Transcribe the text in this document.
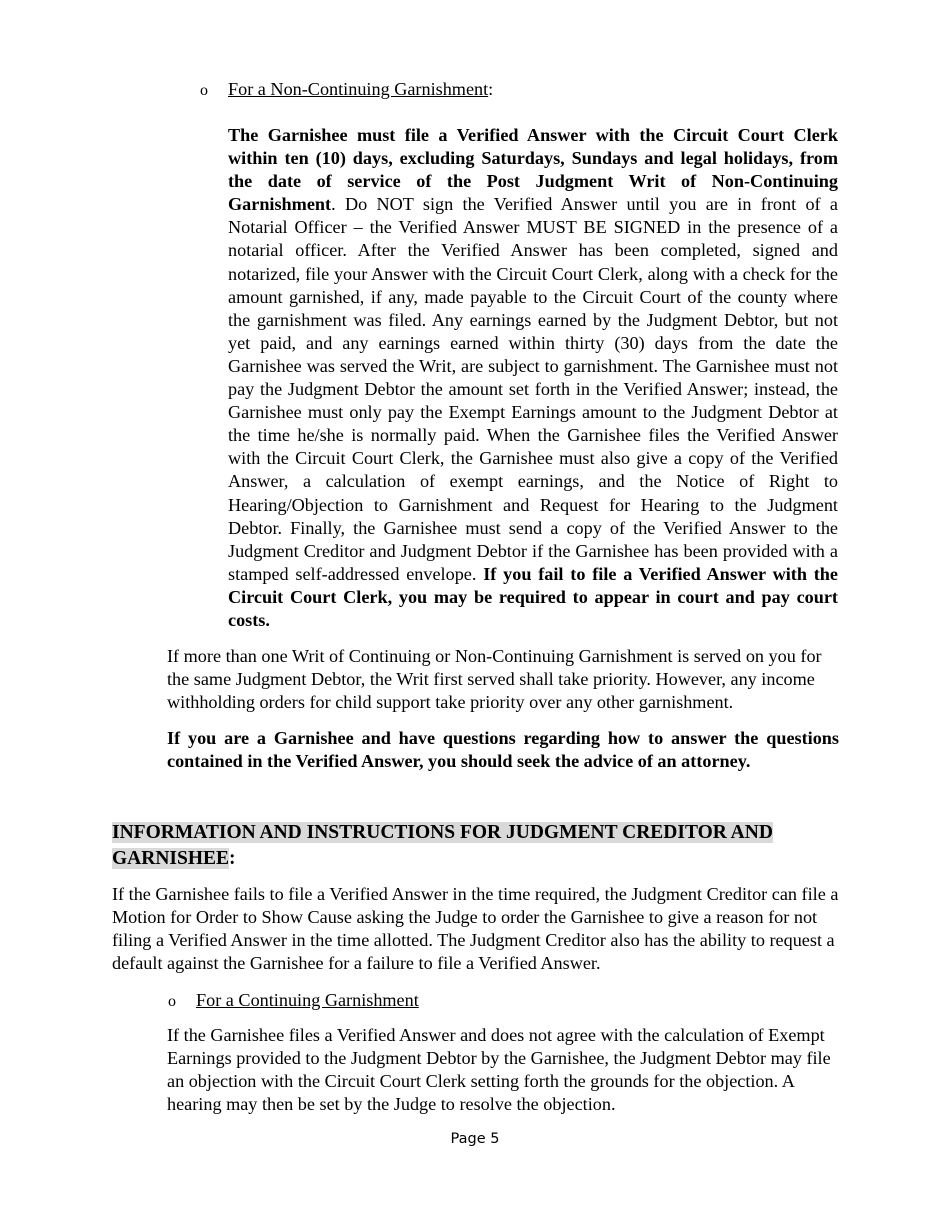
o	For a Non-Continuing Garnishment :

The Garnishee must file a Verified Answer with the Circuit Court Clerk within ten (10) days, excluding Saturdays, Sundays and legal holidays, from the date of service of the Post Judgment Writ of Non-Continuing Garnishment. Do NOT sign the Verified Answer until you are in front of a Notarial Officer – the Verified Answer MUST BE SIGNED in the presence of a notarial officer. After the Verified Answer has been completed, signed and notarized, file your Answer with the Circuit Court Clerk, along with a check for the amount garnished, if any, made payable to the Circuit Court of the county where the garnishment was filed. Any earnings earned by the Judgment Debtor, but not yet paid, and any earnings earned within thirty (30) days from the date the Garnishee was served the Writ, are subject to garnishment. The Garnishee must not pay the Judgment Debtor the amount set forth in the Verified Answer; instead, the Garnishee must only pay the Exempt Earnings amount to the Judgment Debtor at the time he/she is normally paid. When the Garnishee files the Verified Answer with the Circuit Court Clerk, the Garnishee must also give a copy of the Verified Answer, a calculation of exempt earnings, and the Notice of Right to Hearing/Objection to Garnishment and Request for Hearing to the Judgment Debtor. Finally, the Garnishee must send a copy of the Verified Answer to the Judgment Creditor and Judgment Debtor if the Garnishee has been provided with a stamped self-addressed envelope. If you fail to file a Verified Answer with the Circuit Court Clerk, you may be required to appear in court and pay court costs.

If more than one Writ of Continuing or Non-Continuing Garnishment is served on you for the same Judgment Debtor, the Writ first served shall take priority. However, any income withholding orders for child support take priority over any other garnishment.

If you are a Garnishee and have questions regarding how to answer the questions contained in the Verified Answer, you should seek the advice of an attorney.

INFORMATION AND INSTRUCTIONS FOR JUDGMENT CREDITOR AND GARNISHEE:

If the Garnishee fails to file a Verified Answer in the time required, the Judgment Creditor can file a Motion for Order to Show Cause asking the Judge to order the Garnishee to give a reason for not filing a Verified Answer in the time allotted. The Judgment Creditor also has the ability to request a default against the Garnishee for a failure to file a Verified Answer.

o	For a Continuing Garnishment

If the Garnishee files a Verified Answer and does not agree with the calculation of Exempt Earnings provided to the Judgment Debtor by the Garnishee, the Judgment Debtor may file an objection with the Circuit Court Clerk setting forth the grounds for the objection. A hearing may then be set by the Judge to resolve the objection.

Page 5
